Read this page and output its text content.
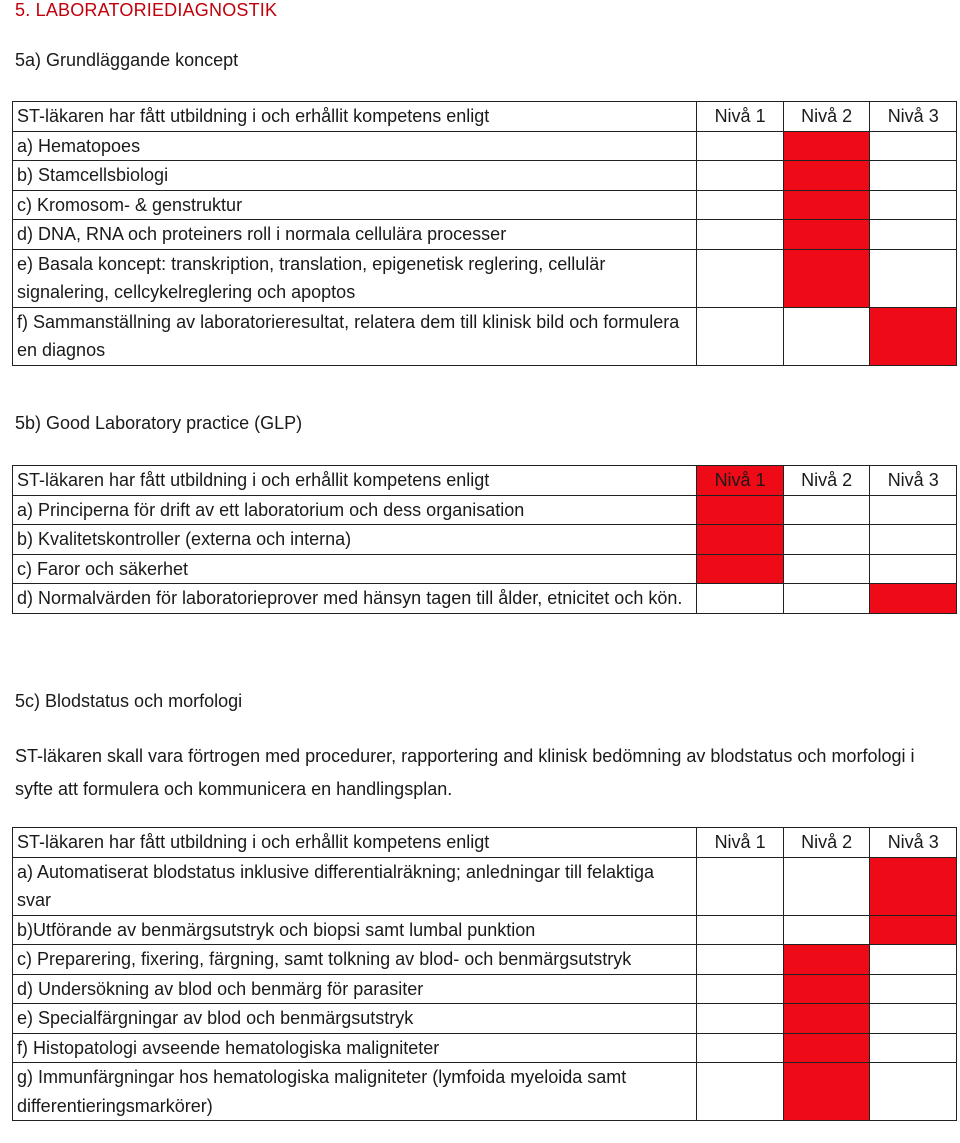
5. LABORATORIEDIAGNOSTIK
5a) Grundläggande koncept
ST-läkaren har fått utbildning i och erhållit kompetens enligt	Nivå 1	Nivå 2	Nivå 3
a) Hematopoes			
b) Stamcellsbiologi			
c) Kromosom- & genstruktur			
d) DNA, RNA och proteiners roll i normala cellulära processer			
e) Basala koncept: transkription, translation, epigenetisk reglering, cellulär signalering, cellcykelreglering och apoptos			
f) Sammanställning av laboratorieresultat, relatera dem till klinisk bild och formulera en diagnos			
5b) Good Laboratory practice (GLP)
ST-läkaren har fått utbildning i och erhållit kompetens enligt	Nivå 1	Nivå 2	Nivå 3
a) Principerna för drift av ett laboratorium och dess organisation			
b) Kvalitetskontroller (externa och interna)			
c) Faror och säkerhet			
d) Normalvärden för laboratorieprover med hänsyn tagen till ålder, etnicitet och kön.			
5c) Blodstatus och morfologi
ST-läkaren skall vara förtrogen med procedurer, rapportering and klinisk bedömning av blodstatus och morfologi i syfte att formulera och kommunicera en handlingsplan.
ST-läkaren har fått utbildning i och erhållit kompetens enligt	Nivå 1	Nivå 2	Nivå 3
a) Automatiserat blodstatus inklusive differentialräkning; anledningar till felaktiga svar			
b)Utförande av benmärgsutstryk och biopsi samt lumbal punktion			
c) Preparering, fixering, färgning, samt tolkning av blod- och benmärgsutstryk			
d) Undersökning av blod och benmärg för parasiter			
e) Specialfärgningar av blod och benmärgsutstryk			
f) Histopatologi avseende hematologiska maligniteter			
g) Immunfärgningar hos hematologiska maligniteter (lymfoida myeloida samt differentieringsmarkörer)			
